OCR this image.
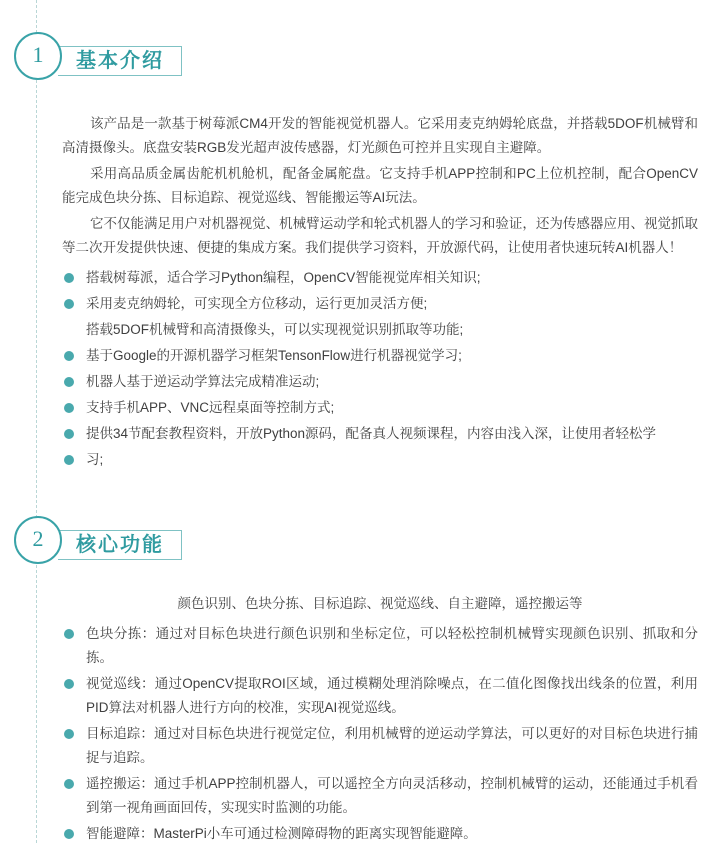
1	基本介绍

该产品是一款基于树莓派CM4开发的智能视觉机器人。它采用麦克纳姆轮底盘，并搭载5DOF机械臂和高清摄像头。底盘安装RGB发光超声波传感器，灯光颜色可控并且实现自主避障。

采用高品质金属齿舵机机舱机，配备金属舵盘。它支持手机APP控制和PC上位机控制，配合OpenCV能完成色块分拣、目标追踪、视觉巡线、智能搬运等AI玩法。

它不仅能满足用户对机器视觉、机械臂运动学和轮式机器人的学习和验证，还为传感器应用、视觉抓取等二次开发提供快速、便捷的集成方案。我们提供学习资料，开放源代码，让使用者快速玩转AI机器人！

搭载树莓派，适合学习Python编程，OpenCV智能视觉库相关知识;
采用麦克纳姆轮，可实现全方位移动，运行更加灵活方便;
搭载5DOF机械臂和高清摄像头，可以实现视觉识别抓取等功能;
基于Google的开源机器学习框架TensonFlow进行机器视觉学习;
机器人基于逆运动学算法完成精准运动;
支持手机APP、VNC远程桌面等控制方式;
提供34节配套教程资料，开放Python源码，配备真人视频课程，内容由浅入深，让使用者轻松学
习;
2	核心功能

颜色识别、色块分拣、目标追踪、视觉巡线、自主避障，遥控搬运等

色块分拣：通过对目标色块进行颜色识别和坐标定位，可以轻松控制机械臂实现颜色识别、抓取和分拣。
视觉巡线：通过OpenCV提取ROI区域，通过模糊处理消除噪点，在二值化图像找出线条的位置，利用PID算法对机器人进行方向的校准，实现AI视觉巡线。
目标追踪：通过对目标色块进行视觉定位，利用机械臂的逆运动学算法，可以更好的对目标色块进行捕捉与追踪。
遥控搬运：通过手机APP控制机器人，可以遥控全方向灵活移动，控制机械臂的运动，还能通过手机看到第一视角画面回传，实现实时监测的功能。
智能避障：MasterPi小车可通过检测障碍物的距离实现智能避障。
